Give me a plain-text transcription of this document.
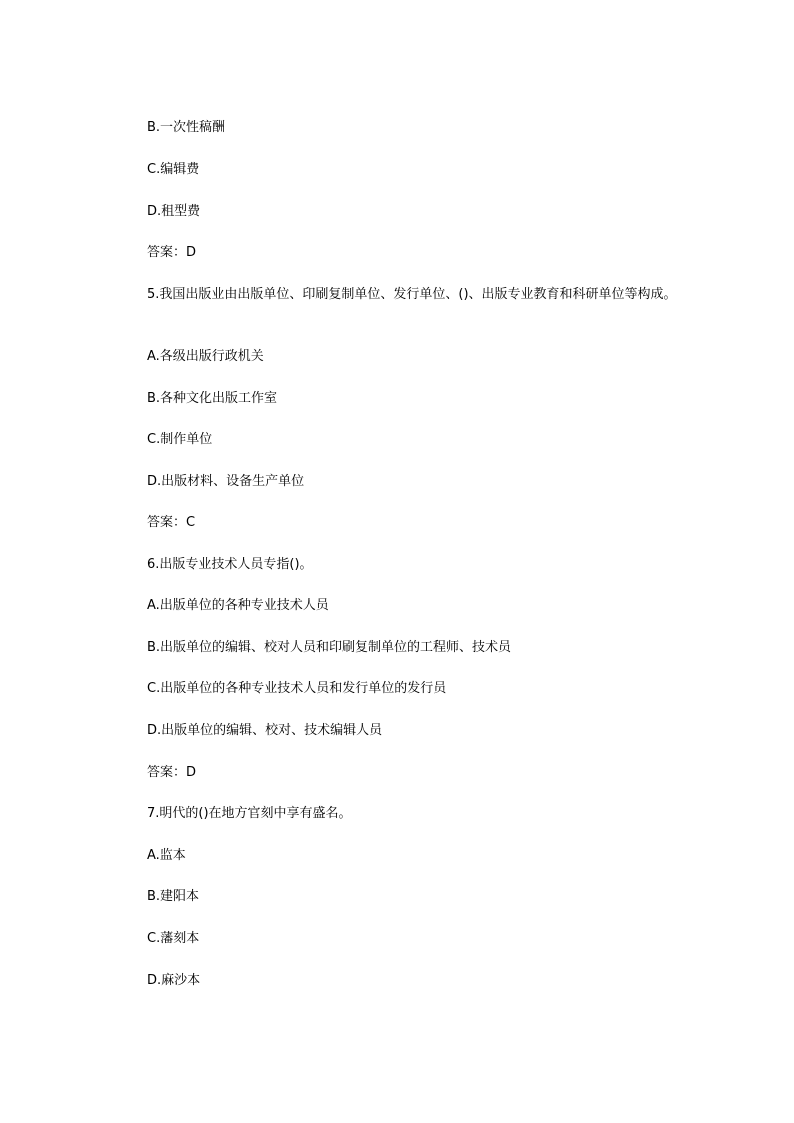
B.一次性稿酬
C.编辑费
D.租型费
答案：D
5.我国出版业由出版单位、印刷复制单位、发行单位、()、出版专业教育和科研单位等构成。
A.各级出版行政机关
B.各种文化出版工作室
C.制作单位
D.出版材料、设备生产单位
答案：C
6.出版专业技术人员专指()。
A.出版单位的各种专业技术人员
B.出版单位的编辑、校对人员和印刷复制单位的工程师、技术员
C.出版单位的各种专业技术人员和发行单位的发行员
D.出版单位的编辑、校对、技术编辑人员
答案：D
7.明代的()在地方官刻中享有盛名。
A.监本
B.建阳本
C.藩刻本
D.麻沙本
